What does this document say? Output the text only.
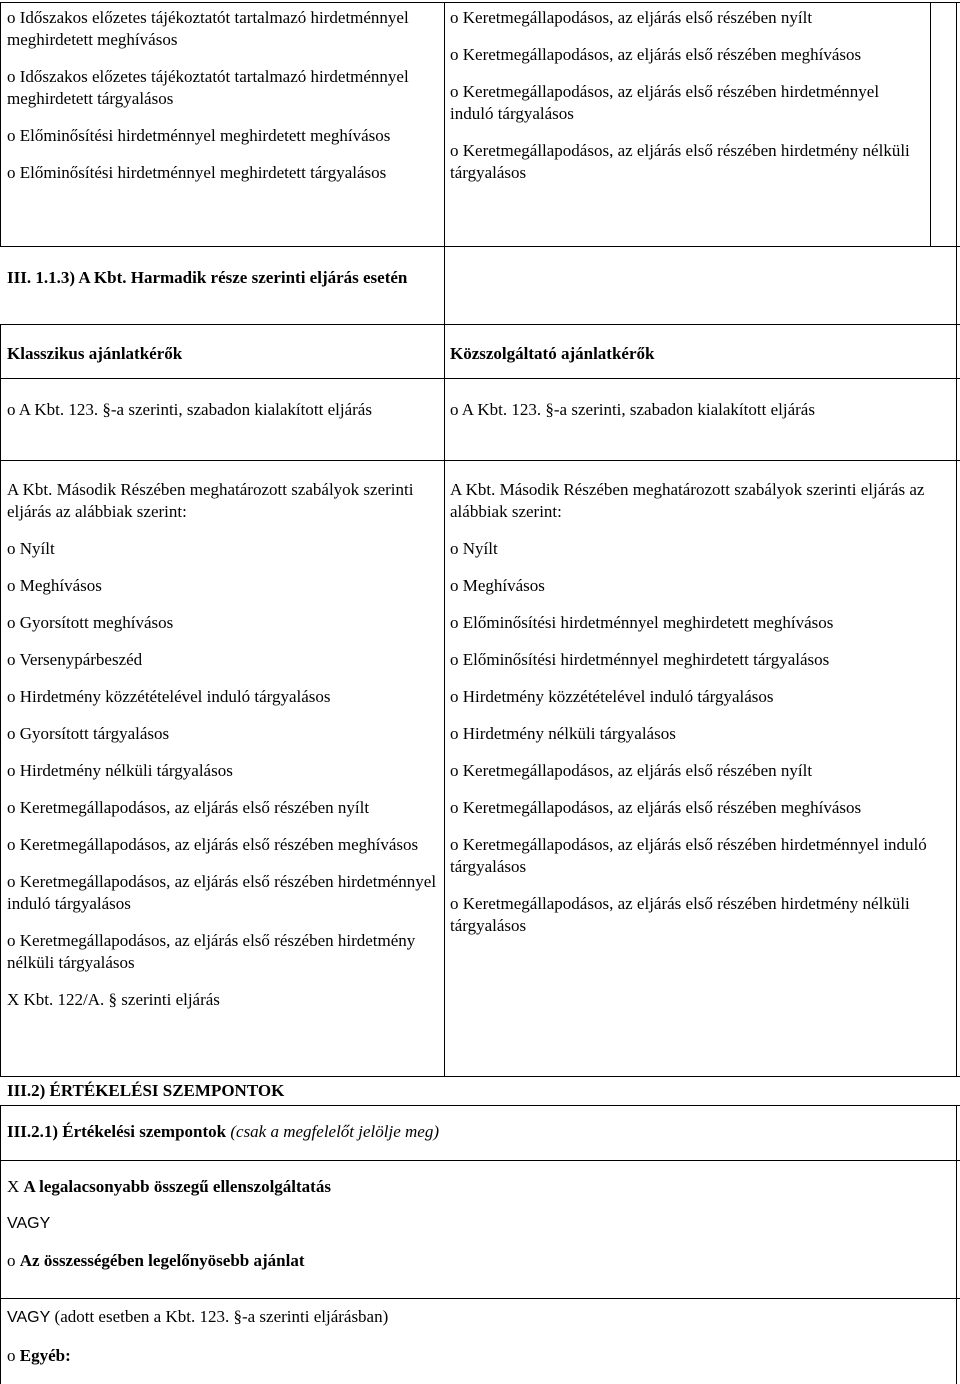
o Időszakos előzetes tájékoztatót tartalmazó hirdetménnyel meghirdetett meghívásos

o Időszakos előzetes tájékoztatót tartalmazó hirdetménnyel meghirdetett tárgyalásos

o Előminősítési hirdetménnyel meghirdetett meghívásos

o Előminősítési hirdetménnyel meghirdetett tárgyalásos

o Keretmegállapodásos, az eljárás első részében nyílt

o Keretmegállapodásos, az eljárás első részében meghívásos

o Keretmegállapodásos, az eljárás első részében hirdetménnyel induló tárgyalásos

o Keretmegállapodásos, az eljárás első részében hirdetmény nélküli tárgyalásos

III. 1.1.3) A Kbt. Harmadik része szerinti eljárás esetén
Klasszikus ajánlatkérők	Közszolgáltató ajánlatkérők
o A Kbt. 123. §-a szerinti, szabadon kialakított eljárás	o A Kbt. 123. §-a szerinti, szabadon kialakított eljárás

A Kbt. Második Részében meghatározott szabályok szerinti eljárás az alábbiak szerint:

o Nyílt

o Meghívásos

o Gyorsított meghívásos

o Versenypárbeszéd

o Hirdetmény közzétételével induló tárgyalásos

o Gyorsított tárgyalásos

o Hirdetmény nélküli tárgyalásos

o Keretmegállapodásos, az eljárás első részében nyílt

o Keretmegállapodásos, az eljárás első részében meghívásos

o Keretmegállapodásos, az eljárás első részében hirdetménnyel induló tárgyalásos

o Keretmegállapodásos, az eljárás első részében hirdetmény nélküli tárgyalásos

X Kbt. 122/A. § szerinti eljárás

A Kbt. Második Részében meghatározott szabályok szerinti eljárás az alábbiak szerint:

o Nyílt

o Meghívásos

o Előminősítési hirdetménnyel meghirdetett meghívásos

o Előminősítési hirdetménnyel meghirdetett tárgyalásos

o Hirdetmény közzétételével induló tárgyalásos

o Hirdetmény nélküli tárgyalásos

o Keretmegállapodásos, az eljárás első részében nyílt

o Keretmegállapodásos, az eljárás első részében meghívásos

o Keretmegállapodásos, az eljárás első részében hirdetménnyel induló tárgyalásos

o Keretmegállapodásos, az eljárás első részében hirdetmény nélküli tárgyalásos

III.2) ÉRTÉKELÉSI SZEMPONTOK
III.2.1) Értékelési szempontok (csak a megfelelőt jelölje meg)
X A legalacsonyabb összegű ellenszolgáltatás
VAGY
o Az összességében legelőnyösebb ajánlat
VAGY (adott esetben a Kbt. 123. §-a szerinti eljárásban)
o Egyéb:
